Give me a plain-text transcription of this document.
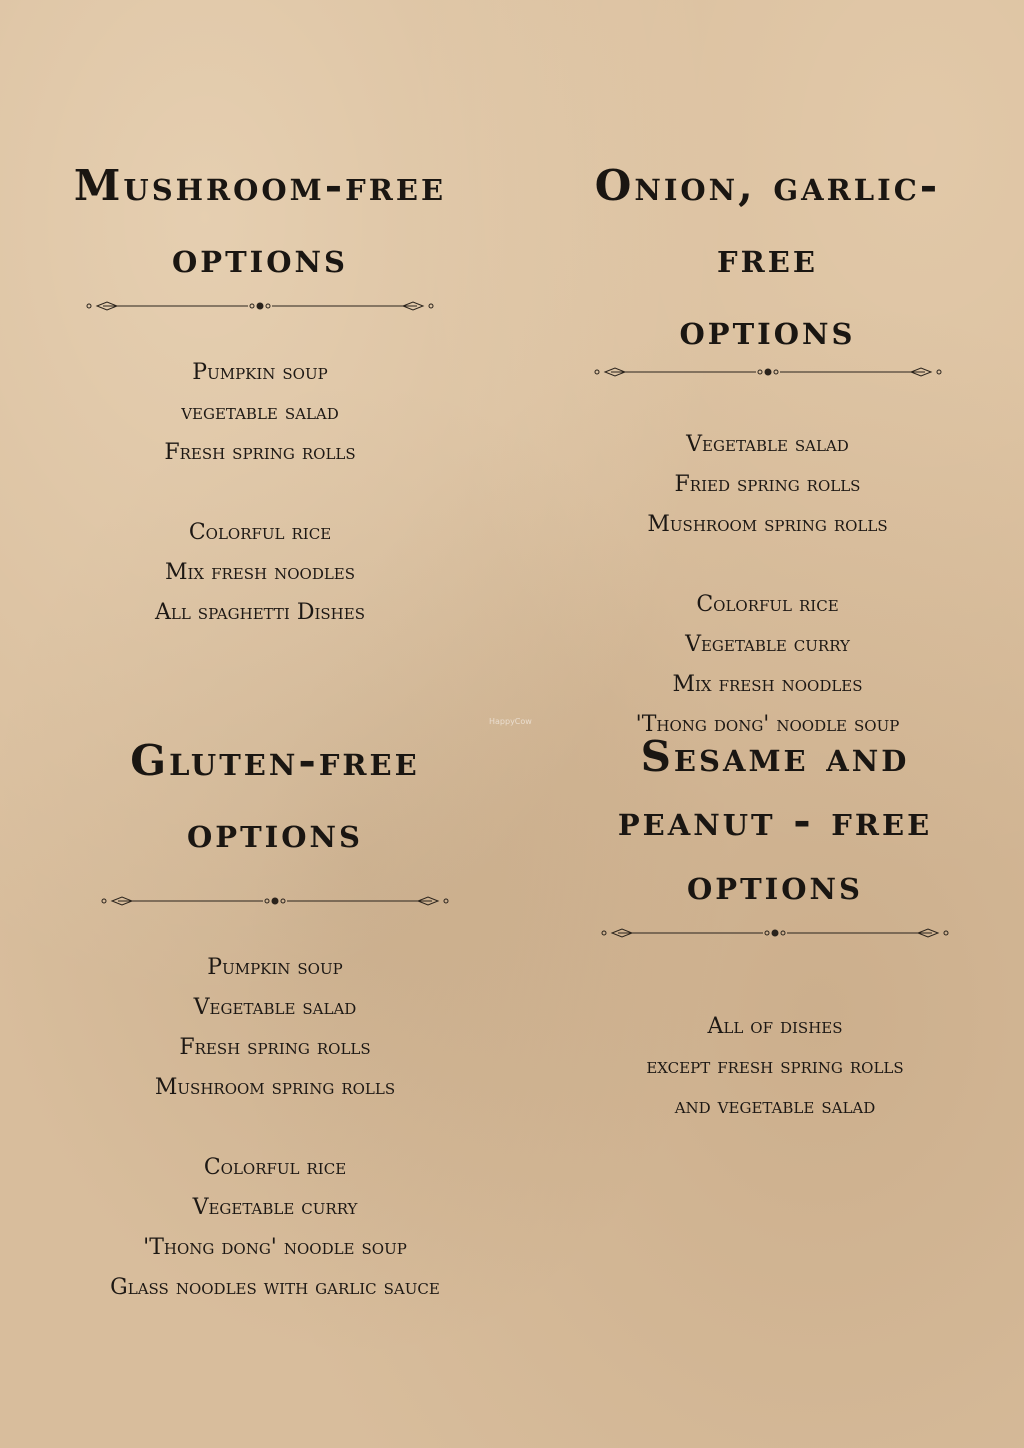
Mushroom-free
options
Pumpkin soup
vegetable salad
Fresh spring rolls
Colorful rice
Mix fresh noodles
All spaghetti Dishes
Onion, garlic-free
options
Vegetable salad
Fried spring rolls
Mushroom spring rolls
Colorful rice
Vegetable curry
Mix fresh noodles
'Thong dong' noodle soup
HappyCow
Gluten-free
options
Pumpkin soup
Vegetable salad
Fresh spring rolls
Mushroom spring rolls
Colorful rice
Vegetable curry
'Thong dong' noodle soup
Glass noodles with garlic sauce
Sesame and
peanut - free
options
All of dishes
except fresh spring rolls
and vegetable salad
